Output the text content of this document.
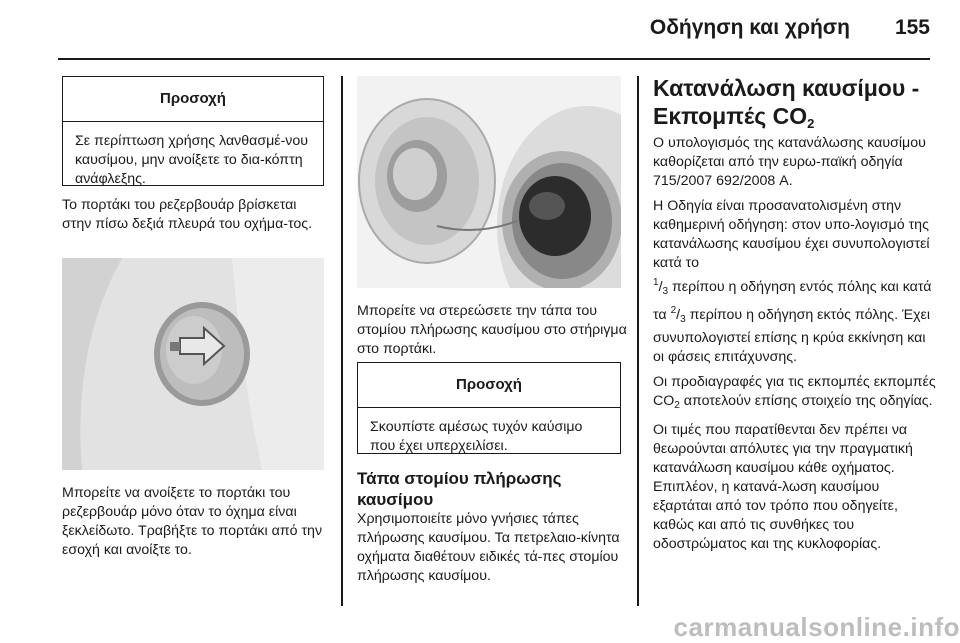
Οδήγηση και χρήση	155
Προσοχή
Σε περίπτωση χρήσης λανθασμέ-νου καυσίμου, μην ανοίξετε το δια-κόπτη ανάφλεξης.
Το πορτάκι του ρεζερβουάρ βρίσκεται στην πίσω δεξιά πλευρά του οχήμα-τος.
Μπορείτε να ανοίξετε το πορτάκι του ρεζερβουάρ μόνο όταν το όχημα είναι ξεκλείδωτο. Τραβήξτε το πορτάκι από την εσοχή και ανοίξτε το.
Μπορείτε να στερεώσετε την τάπα του στομίου πλήρωσης καυσίμου στο στήριγμα στο πορτάκι.
Προσοχή
Σκουπίστε αμέσως τυχόν καύσιμο που έχει υπερχειλίσει.
Τάπα στομίου πλήρωσης καυσίμου
Χρησιμοποιείτε μόνο γνήσιες τάπες πλήρωσης καυσίμου. Τα πετρελαιο-κίνητα οχήματα διαθέτουν ειδικές τά-πες στομίου πλήρωσης καυσίμου.
Κατανάλωση καυσίμου -
Εκπομπές $CO_2$

Ο υπολογισμός της κατανάλωσης καυσίμου καθορίζεται από την ευρω-παϊκή οδηγία 715/2007 692/2008 A.

Η Οδηγία είναι προσανατολισμένη στην καθημερινή οδήγηση: στον υπο-λογισμό της κατανάλωσης καυσίμου έχει συνυπολογιστεί κατά το
$^1/_3$ περίπου η οδήγηση εντός πόλης και κατά τα $^2/_3$ περίπου η οδήγηση εκτός πόλης. Έχει συνυπολογιστεί επίσης η κρύα εκκίνηση και οι φάσεις επιτάχυνσης.

Οι προδιαγραφές για τις εκπομπές εκπομπές $CO_2$ αποτελούν επίσης στοιχείο της οδηγίας.

Οι τιμές που παρατίθενται δεν πρέπει να θεωρούνται απόλυτες για την πραγματική κατανάλωση καυσίμου κάθε οχήματος. Επιπλέον, η κατανά-λωση καυσίμου εξαρτάται από τον τρόπο που οδηγείτε, καθώς και από τις συνθήκες του οδοστρώματος και της κυκλοφορίας.

carmanualsonline.info
